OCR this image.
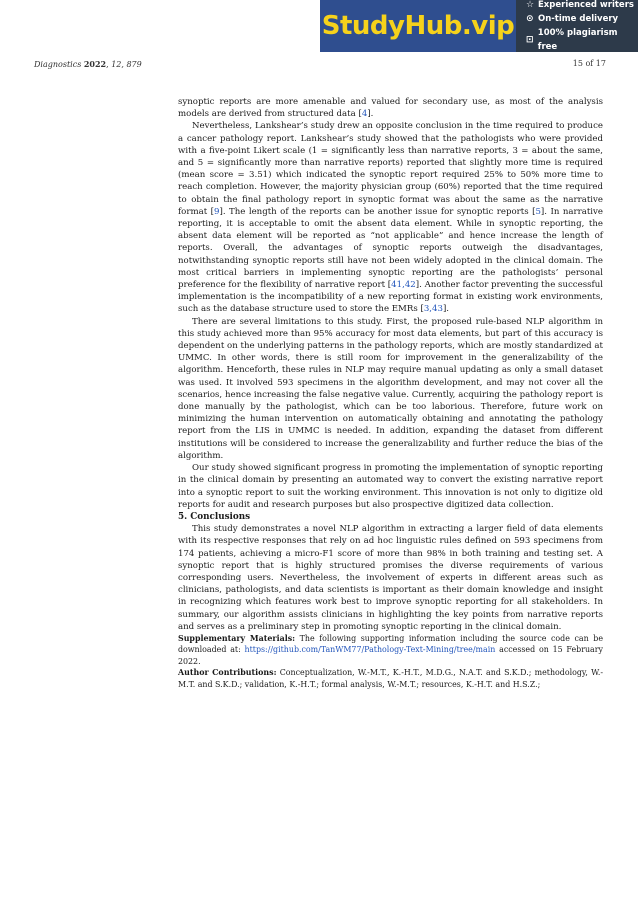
StudyHub.vip
☆ Experienced writers
⊙ On-time delivery
⊡
100% plagiarism free
Diagnostics 2022, 12, 879	15 of 17

synoptic reports are more amenable and valued for secondary use, as most of the analysis models are derived from structured data [4].

Nevertheless, Lankshear’s study drew an opposite conclusion in the time required to produce a cancer pathology report. Lankshear’s study showed that the pathologists who were provided with a five-point Likert scale (1 = significantly less than narrative reports, 3 = about the same, and 5 = significantly more than narrative reports) reported that slightly more time is required (mean score = 3.51) which indicated the synoptic report required 25% to 50% more time to reach completion. However, the majority physician group (60%) reported that the time required to obtain the final pathology report in synoptic format was about the same as the narrative format [9]. The length of the reports can be another issue for synoptic reports [5]. In narrative reporting, it is acceptable to omit the absent data element. While in synoptic reporting, the absent data element will be reported as “not applicable” and hence increase the length of reports. Overall, the advantages of synoptic reports outweigh the disadvantages, notwithstanding synoptic reports still have not been widely adopted in the clinical domain. The most critical barriers in implementing synoptic reporting are the pathologists’ personal preference for the flexibility of narrative report [41,42]. Another factor preventing the successful implementation is the incompatibility of a new reporting format in existing work environments, such as the database structure used to store the EMRs [3,43].

There are several limitations to this study. First, the proposed rule-based NLP algorithm in this study achieved more than 95% accuracy for most data elements, but part of this accuracy is dependent on the underlying patterns in the pathology reports, which are mostly standardized at UMMC. In other words, there is still room for improvement in the generalizability of the algorithm. Henceforth, these rules in NLP may require manual updating as only a small dataset was used. It involved 593 specimens in the algorithm development, and may not cover all the scenarios, hence increasing the false negative value. Currently, acquiring the pathology report is done manually by the pathologist, which can be too laborious. Therefore, future work on minimizing the human intervention on automatically obtaining and annotating the pathology report from the LIS in UMMC is needed. In addition, expanding the dataset from different institutions will be considered to increase the generalizability and further reduce the bias of the algorithm.

Our study showed significant progress in promoting the implementation of synoptic reporting in the clinical domain by presenting an automated way to convert the existing narrative report into a synoptic report to suit the working environment. This innovation is not only to digitize old reports for audit and research purposes but also prospective digitized data collection.

5. Conclusions

This study demonstrates a novel NLP algorithm in extracting a larger field of data elements with its respective responses that rely on ad hoc linguistic rules defined on 593 specimens from 174 patients, achieving a micro-F1 score of more than 98% in both training and testing set. A synoptic report that is highly structured promises the diverse requirements of various corresponding users. Nevertheless, the involvement of experts in different areas such as clinicians, pathologists, and data scientists is important as their domain knowledge and insight in recognizing which features work best to improve synoptic reporting for all stakeholders. In summary, our algorithm assists clinicians in highlighting the key points from narrative reports and serves as a preliminary step in promoting synoptic reporting in the clinical domain.

Supplementary Materials: The following supporting information including the source code can be downloaded at: https://github.com/TanWM77/Pathology-Text-Mining/tree/main accessed on 15 February 2022.

Author Contributions: Conceptualization, W.-M.T., K.-H.T., M.D.G., N.A.T. and S.K.D.; methodology, W.-M.T. and S.K.D.; validation, K.-H.T.; formal analysis, W.-M.T.; resources, K.-H.T. and H.S.Z.;
